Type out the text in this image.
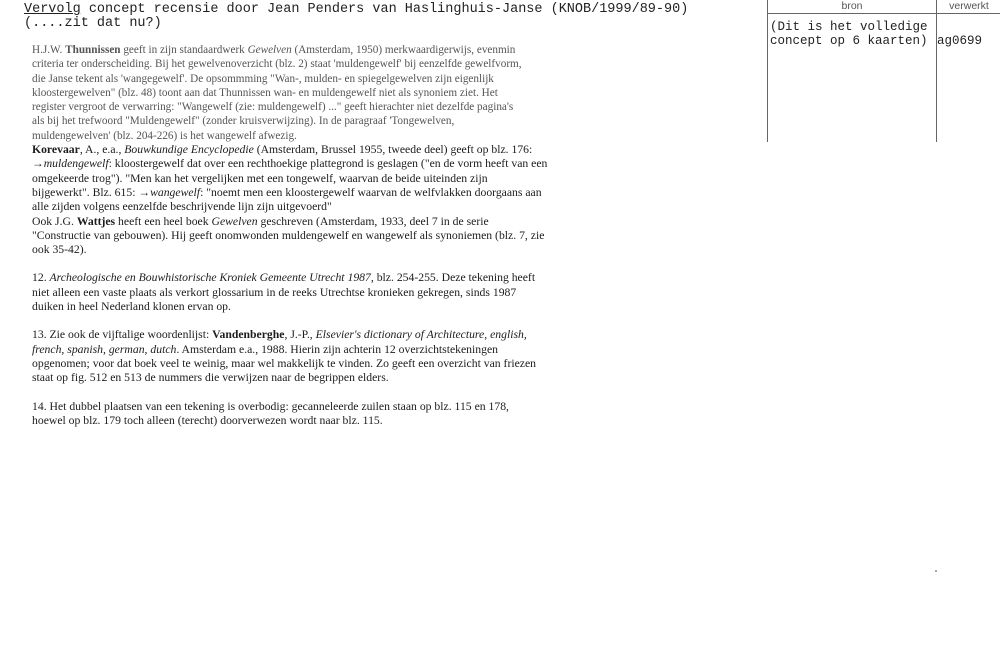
Vervolg concept recensie door Jean Penders van Haslinghuis-Janse (KNOB/1999/89-90)
(....zit dat nu?)
bron	verwerkt
(Dit is het volledige
concept op 6 kaarten) ag0699
H.J.W. Thunnissen geeft in zijn standaardwerk Gewelven (Amsterdam, 1950) merkwaardigerwijs, evenmin
criteria ter onderscheiding. Bij het gewelvenoverzicht (blz. 2) staat 'muldengewelf' bij eenzelfde gewelfvorm,
die Janse tekent als 'wangegewelf'. De opsommming "Wan-, mulden- en spiegelgewelven zijn eigenlijk
kloostergewelven" (blz. 48) toont aan dat Thunnissen wan- en muldengewelf niet als synoniem ziet. Het
register vergroot de verwarring: "Wangewelf (zie: muldengewelf) ..." geeft hierachter niet dezelfde pagina's
als bij het trefwoord "Muldengewelf" (zonder kruisverwijzing). In de paragraaf 'Tongewelven,
muldengewelven' (blz. 204-226) is het wangewelf afwezig.
Korevaar, A., e.a., Bouwkundige Encyclopedie (Amsterdam, Brussel 1955, tweede deel) geeft op blz. 176:
→muldengewelf: kloostergewelf dat over een rechthoekige plattegrond is geslagen ("en de vorm heeft van een
omgekeerde trog"). "Men kan het vergelijken met een tongewelf, waarvan de beide uiteinden zijn
bijgewerkt". Blz. 615: →wangewelf: "noemt men een kloostergewelf waarvan de welfvlakken doorgaans aan
alle zijden volgens eenzelfde beschrijvende lijn zijn uitgevoerd"
Ook J.G. Wattjes heeft een heel boek Gewelven geschreven (Amsterdam, 1933, deel 7 in de serie
"Constructie van gebouwen). Hij geeft onomwonden muldengewelf en wangewelf als synoniemen (blz. 7, zie
ook 35-42).
12. Archeologische en Bouwhistorische Kroniek Gemeente Utrecht 1987, blz. 254-255. Deze tekening heeft
niet alleen een vaste plaats als verkort glossarium in de reeks Utrechtse kronieken gekregen, sinds 1987
duiken in heel Nederland klonen ervan op.
13. Zie ook de vijftalige woordenlijst: Vandenberghe, J.-P., Elsevier's dictionary of Architecture, english,
french, spanish, german, dutch. Amsterdam e.a., 1988. Hierin zijn achterin 12 overzichtstekeningen
opgenomen; voor dat boek veel te weinig, maar wel makkelijk te vinden. Zo geeft een overzicht van friezen
staat op fig. 512 en 513 de nummers die verwijzen naar de begrippen elders.
14. Het dubbel plaatsen van een tekening is overbodig: gecanneleerde zuilen staan op blz. 115 en 178,
hoewel op blz. 179 toch alleen (terecht) doorverwezen wordt naar blz. 115.
